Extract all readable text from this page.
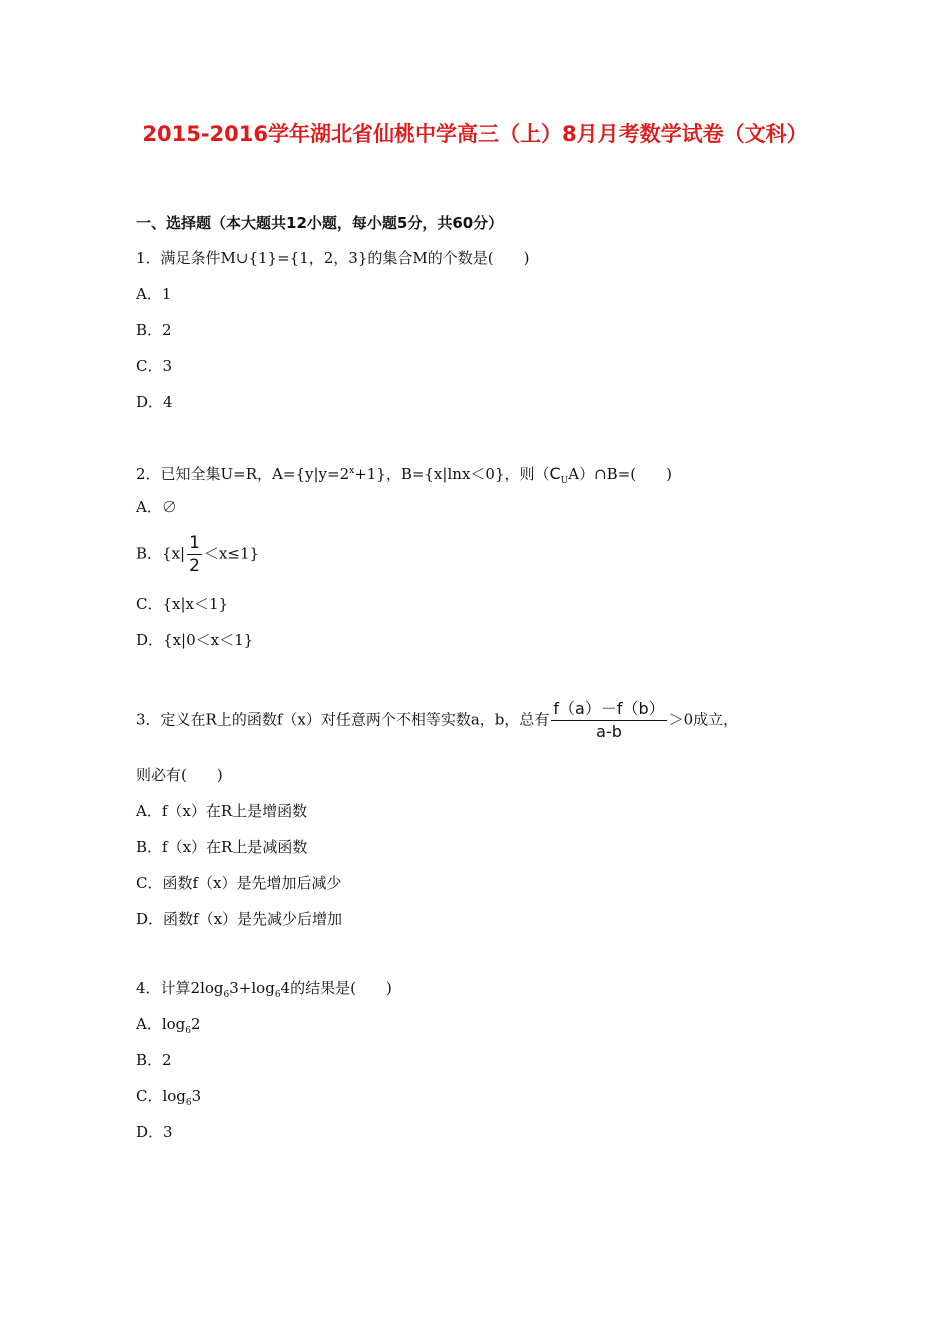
2015-2016学年湖北省仙桃中学高三（上）8月月考数学试卷（文科）
一、选择题（本大题共12小题，每小题5分，共60分）
1．满足条件M∪{1}={1，2，3}的集合M的个数是(　　)
A．1
B．2
C．3
D．4
2．已知全集U=R，$A=\{y|y=2^x+1\}$，B={x|lnx＜0}，则$(C_UA)\cap B=$(　　)
A．∅
B．$\{x| \frac{1}{2} <x\le 1\}$
C．{x|x＜1}
D．{x|0＜x＜1}
3．定义在R上的函数f（x）对任意两个不相等实数a，b，总有 $\frac{f(a)-f(b)}{a-b} >0$成立，
则必有(　　)
A．f（x）在R上是增函数
B．f（x）在R上是减函数
C．函数f（x）是先增加后减少
D．函数f（x）是先减少后增加
4．计算$2\log_63+\log_64$的结果是(　　)
A．$\log_62$
B．2
C．$\log_63$
D．3
